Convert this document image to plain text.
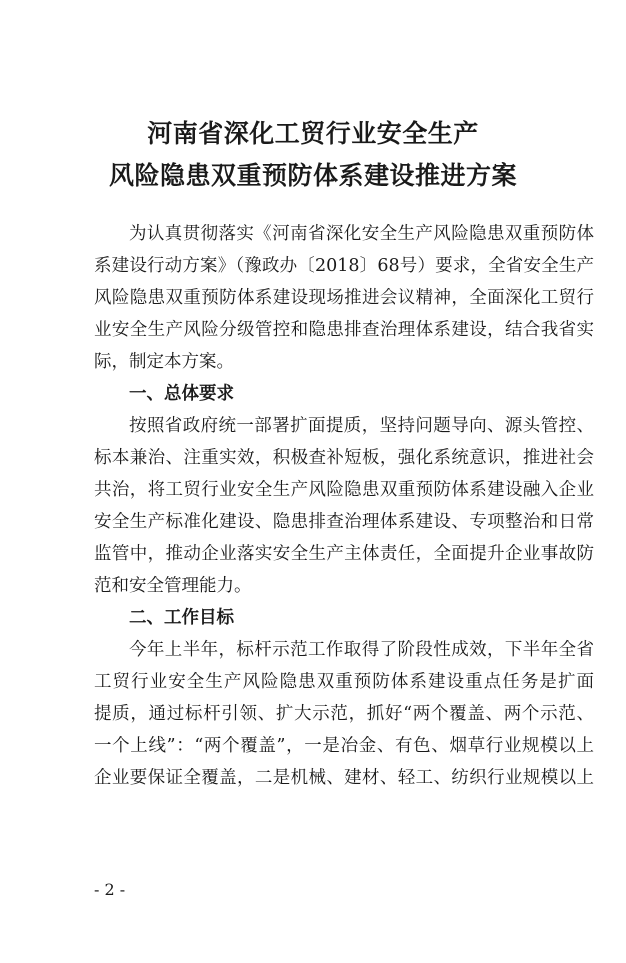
河南省深化工贸行业安全生产
风险隐患双重预防体系建设推进方案
为认真贯彻落实《河南省深化安全生产风险隐患双重预防体
系建设行动方案》（豫政办〔2018〕68号）要求，全省安全生产
风险隐患双重预防体系建设现场推进会议精神，全面深化工贸行
业安全生产风险分级管控和隐患排查治理体系建设，结合我省实
际，制定本方案。
一、总体要求
按照省政府统一部署扩面提质，坚持问题导向、源头管控、
标本兼治、注重实效，积极查补短板，强化系统意识，推进社会
共治，将工贸行业安全生产风险隐患双重预防体系建设融入企业
安全生产标准化建设、隐患排查治理体系建设、专项整治和日常
监管中，推动企业落实安全生产主体责任，全面提升企业事故防
范和安全管理能力。
二、工作目标
今年上半年，标杆示范工作取得了阶段性成效，下半年全省
工贸行业安全生产风险隐患双重预防体系建设重点任务是扩面
提质，通过标杆引领、扩大示范，抓好“两个覆盖、两个示范、
一个上线”：“两个覆盖”，一是冶金、有色、烟草行业规模以上
企业要保证全覆盖，二是机械、建材、轻工、纺织行业规模以上
- 2 -
